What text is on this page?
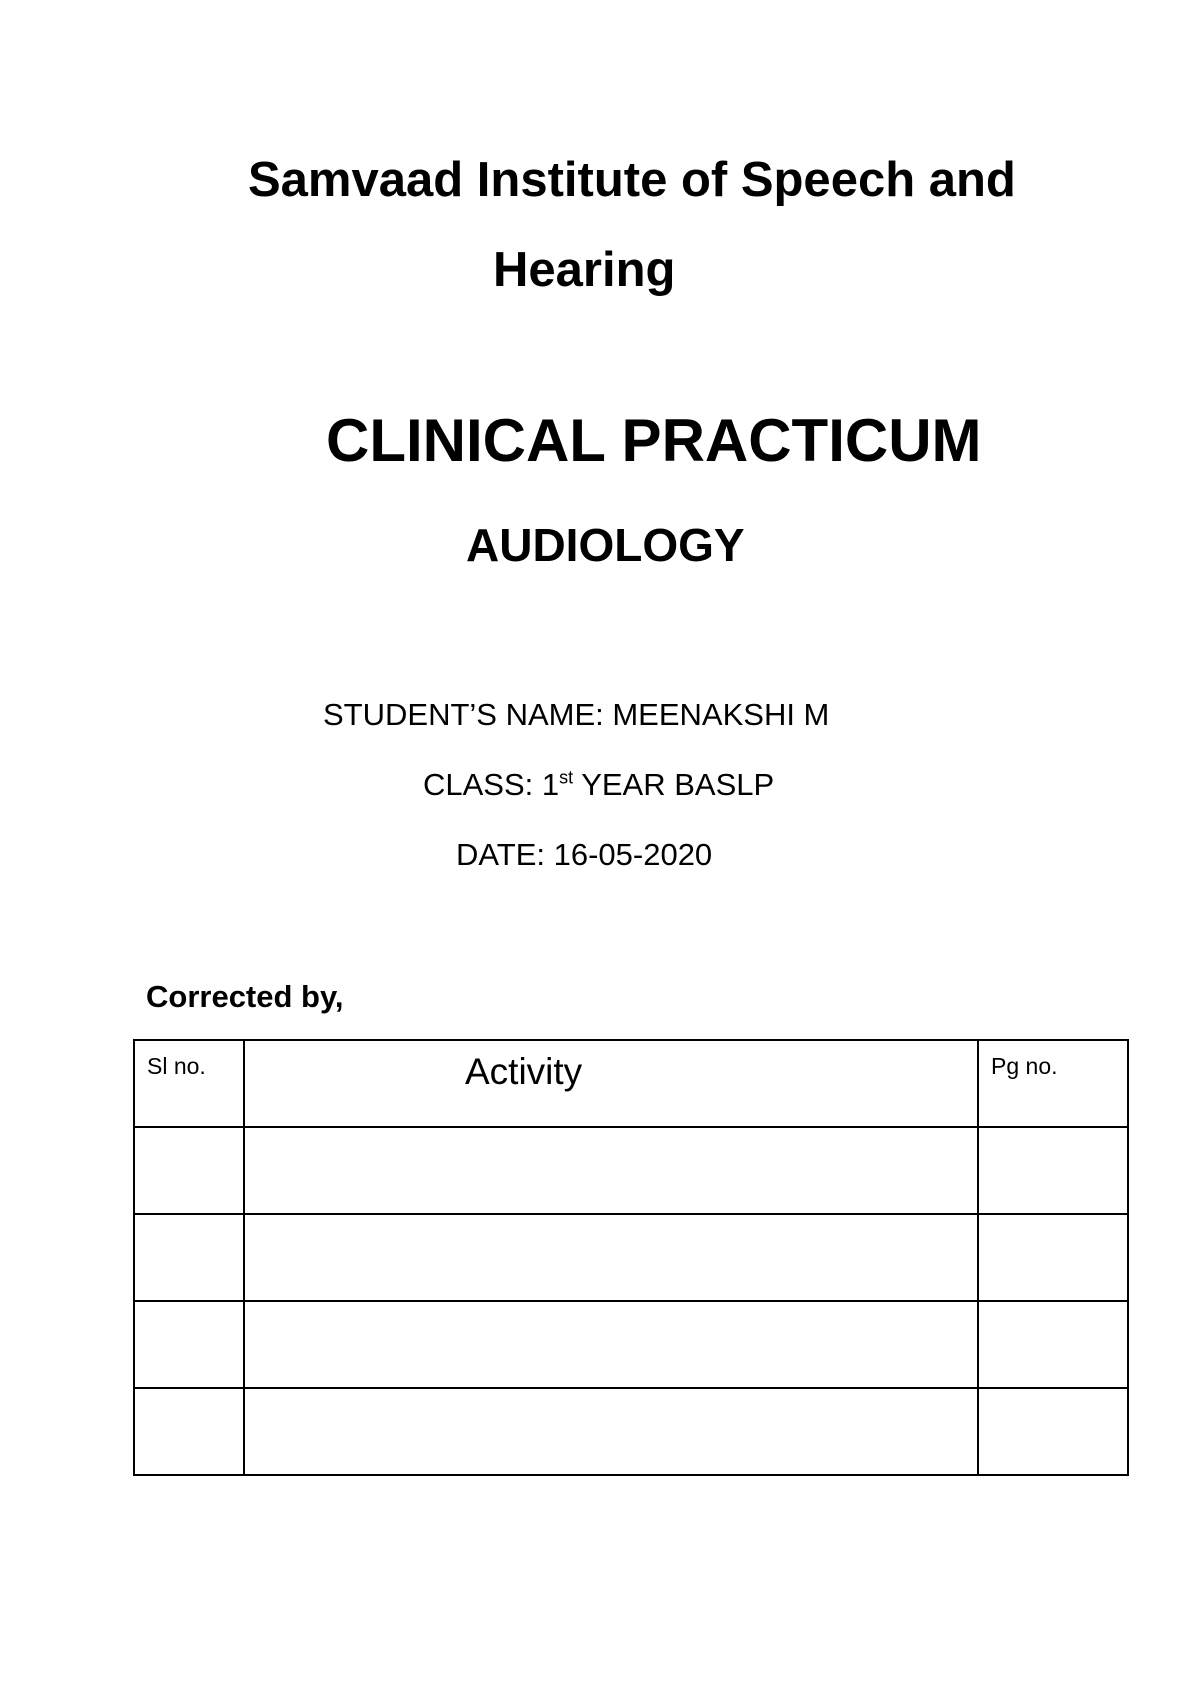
Samvaad Institute of Speech and

Hearing

CLINICAL PRACTICUM
AUDIOLOGY
STUDENT’S NAME: MEENAKSHI M
CLASS: 1st YEAR BASLP
DATE: 16-05-2020
Corrected by,
Sl no.	Activity	Pg no.
